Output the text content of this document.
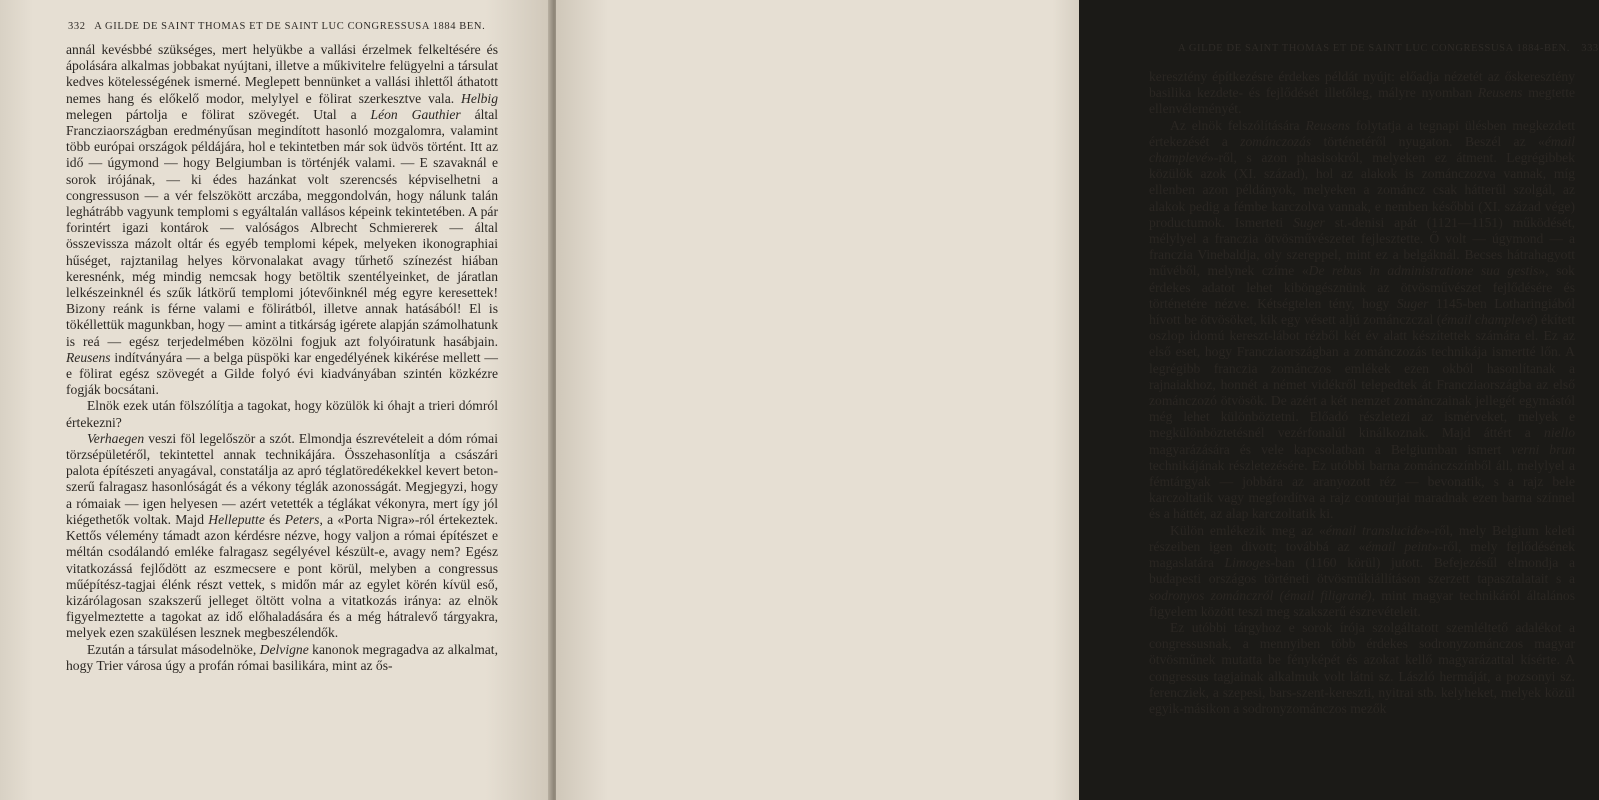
332 A GILDE DE SAINT THOMAS ET DE SAINT LUC CONGRESSUSA 1884 BEN.

annál kevésbbé szükséges, mert helyükbe a vallási érzelmek felkeltésére és ápolására alkalmas jobbakat nyújtani, illetve a műkivitelre felügyelni a társulat kedves kötelességének ismerné. Meglepett bennünket a vallási ihlettől áthatott nemes hang és előkelő modor, melylyel e fölirat szerkesztve vala. Helbig melegen pártolja e fölirat szövegét. Utal a Léon Gauthier által Francziaországban eredményűsan megindított hasonló mozgalomra, valamint több európai országok példájára, hol e tekintetben már sok üdvös történt. Itt az idő — úgymond — hogy Belgiumban is történjék valami. — E szavaknál e sorok irójának, — ki édes hazánkat volt szerencsés képviselhetni a congressuson — a vér felszökött arczába, meggondolván, hogy nálunk talán leghátrább vagyunk templomi s egyáltalán vallásos képeink tekintetében. A pár forintért igazi kontárok — valóságos Albrecht Schmiererek — által összevissza mázolt oltár és egyéb templomi képek, melyeken ikonographiai hűséget, rajztanilag helyes körvonalakat avagy tűrhető színezést hiában keresnénk, még mindig nemcsak hogy betöltik szentélyeinket, de járatlan lelkészeinknél és szűk látkörű templomi jótevőinknél még egyre keresettek! Bizony reánk is férne valami e fölirátból, illetve annak hatásából! El is tökéllettük magunkban, hogy — amint a titkárság igérete alapján számolhatunk is reá — egész terjedelmében közölni fogjuk azt folyóiratunk hasábjain. Reusens indítványára — a belga püspöki kar engedélyének kikérése mellett — e fölirat egész szövegét a Gilde folyó évi kiadványában szintén közkézre fogják bocsátani.

Elnök ezek után fölszólítja a tagokat, hogy közülök ki óhajt a trieri dómról értekezni?

Verhaegen veszi föl legelőször a szót. Elmondja észrevételeit a dóm római törzsépületéről, tekintettel annak technikájára. Összehasonlítja a császári palota építészeti anyagával, constatálja az apró téglatöredékekkel kevert beton-szerű falragasz hasonlóságát és a vékony téglák azonosságát. Megjegyzi, hogy a rómaiak — igen helyesen — azért vetették a téglákat vékonyra, mert így jól kiégethetők voltak. Majd Helleputte és Peters, a «Porta Nigra»-ról értekeztek. Kettős vélemény támadt azon kérdésre nézve, hogy valjon a római építészet e méltán csodálandó emléke falragasz segélyével készült-e, avagy nem? Egész vitatkozássá fejlődött az eszmecsere e pont körül, melyben a congressus műépítész-tagjai élénk részt vettek, s midőn már az egylet körén kívül eső, kizárólagosan szakszerű jelleget öltött volna a vitatkozás iránya: az elnök figyelmeztette a tagokat az idő előhaladására és a még hátralevő tárgyakra, melyek ezen szakülésen lesznek megbeszélendők.

Ezután a társulat másodelnöke, Delvigne kanonok megragadva az alkalmat, hogy Trier városa úgy a profán római basilikára, mint az ős-

A GILDE DE SAINT THOMAS ET DE SAINT LUC CONGRESSUSA 1884-BEN. 333

keresztény építkezésre érdekes példát nyújt: előadja nézetét az őskeresztény basilika kezdete- és fejlődését illetőleg, mályre nyomban Reusens megtette ellenvéleményét.

Az elnök felszólítására Reusens folytatja a tegnapi ülésben megkezdett értekezését a zománczozás történetéről nyugaton. Beszél az «émail champlevé»-ről, s azon phasisokról, melyeken ez átment. Legrégibbek közülök azok (XI. század), hol az alakok is zománczozva vannak, míg ellenben azon példányok, melyeken a zománcz csak hátterűl szolgál, az alakok pedig a fémbe karczolva vannak, e nemben későbbi (XI. század vége) productumok. Ismerteti Suger st.-denisi apát (1121—1151) működését, mélylyel a franczia ötvösművészetet fejlesztette. Ő volt — úgymond — a franczia Vinebaldja, oly szereppel, mint ez a belgáknál. Becses hátrahagyott művéből, melynek czíme «De rebus in administratione sua gestis», sok érdekes adatot lehet kiböngésznünk az ötvösművészet fejlődésére és történetére nézve. Kétségtelen tény, hogy Suger 1145-ben Lotharingiából hívott be ötvösöket, kik egy vésett aljú zománczczal (émail champlevé) ékített oszlop idomú kereszt-lábot rézből két év alatt készítettek számára el. Ez az első eset, hogy Francziaországban a zománczozás technikája ismertté lőn. A legrégibb franczia zománczos emlékek ezen okból hasonlítanak a rajnaiakhoz, honnét a német vidékről telepedtek át Francziaországba az első zománczozó ötvösök. De azért a két nemzet zománczainak jellegét egymástól még lehet különböztetni. Előadó részletezi az ismérveket, melyek e megkülönböztetésnél vezérfonalúl kinálkoznak. Majd áttért a niello magyarázására és vele kapcsolatban a Belgiumban ismert verni brun technikájának részletezésére. Ez utóbbi barna zománczszínből áll, melylyel a fémtárgyak — jobbára az aranyozott réz — bevonatik, s a rajz bele karczoltatik vagy megfordítva a rajz contourjai maradnak ezen barna színnel és a háttér, az alap karczoltatik ki.

Külön emlékezik meg az «émail translucide»-ről, mely Belgium keleti részeiben igen divott; továbbá az «émail peint»-ről, mely fejlődésének magaslatára Limoges-ban (1160 körül) jutott. Befejezésűl elmondja a budapesti országos történeti ötvösműkiállításon szerzett tapasztalatait s a sodronyos zománczról (émail filigrané), mint magyar technikáról általános figyelem között teszi meg szakszerű észrevételeit.

Ez utóbbi tárgyhoz e sorok írója szolgáltatott szemléltető adalékot a congressusnak, a mennyiben több érdekes sodronyzománczos magyar ötvösműnek mutatta be fényképét és azokat kellő magyarázattal kísérte. A congressus tagjainak alkalmuk volt látni sz. László hermáját, a pozsonyi sz. ferencziek, a szepesi, bars-szent-kereszti, nyitrai stb. kelyheket, melyek közül egyik-másikon a sodronyzománczos mezők
